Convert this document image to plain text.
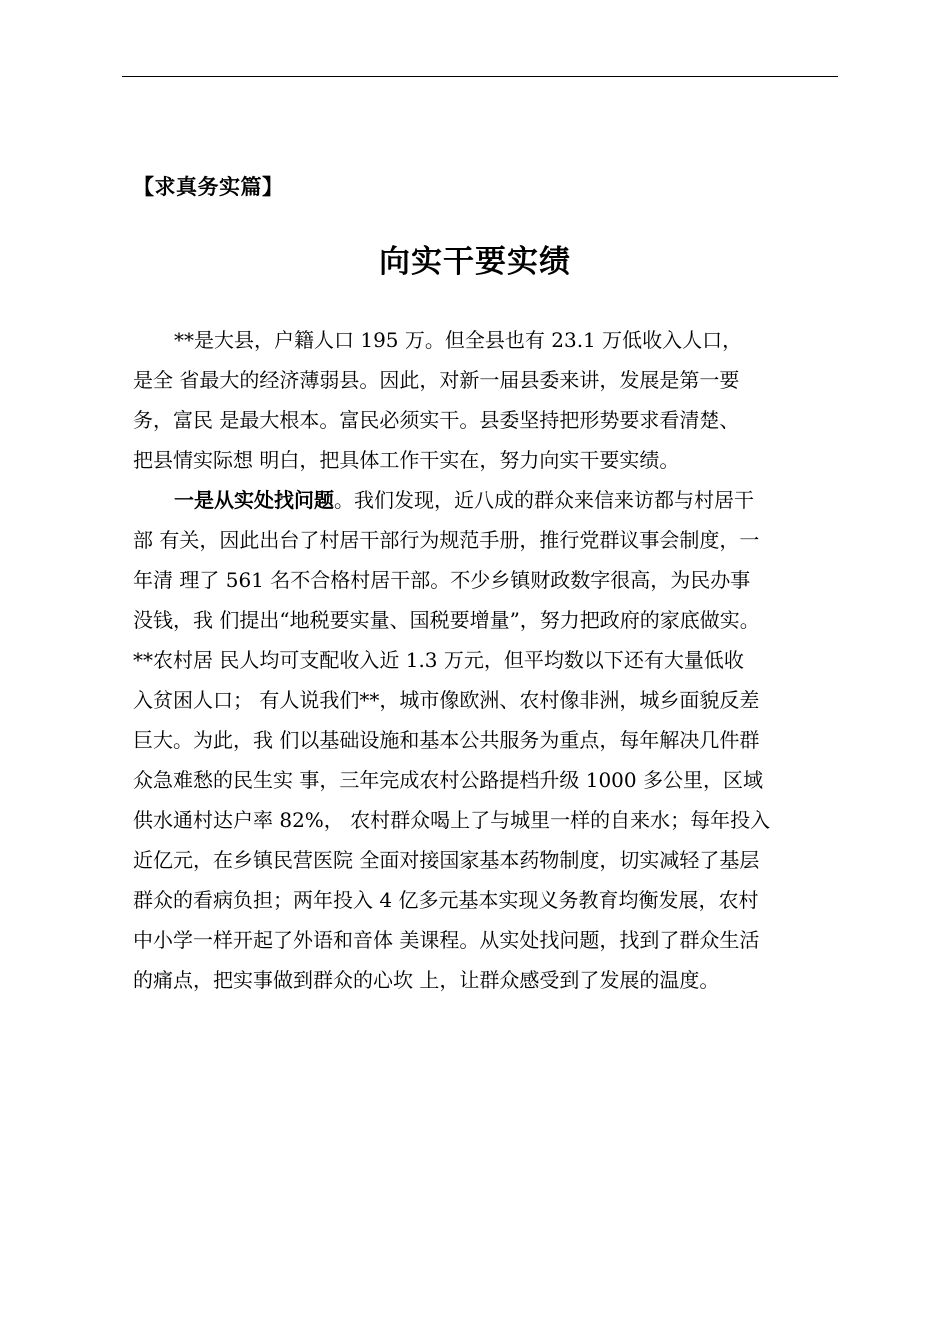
【求真务实篇】
向实干要实绩
**是大县，户籍人口 195 万。但全县也有 23.1 万低收入人口，
是全 省最大的经济薄弱县。因此，对新一届县委来讲，发展是第一要
务，富民 是最大根本。富民必须实干。县委坚持把形势要求看清楚、
把县情实际想 明白，把具体工作干实在，努力向实干要实绩。
一是从实处找问题。我们发现，近八成的群众来信来访都与村居干
部 有关，因此出台了村居干部行为规范手册，推行党群议事会制度，一
年清 理了 561 名不合格村居干部。不少乡镇财政数字很高，为民办事
没钱，我 们提出“地税要实量、国税要增量”，努力把政府的家底做实。
**农村居 民人均可支配收入近 1.3 万元，但平均数以下还有大量低收
入贫困人口； 有人说我们**，城市像欧洲、农村像非洲，城乡面貌反差
巨大。为此，我 们以基础设施和基本公共服务为重点，每年解决几件群
众急难愁的民生实 事，三年完成农村公路提档升级 1000 多公里，区域
供水通村达户率 82%， 农村群众喝上了与城里一样的自来水；每年投入
近亿元，在乡镇民营医院 全面对接国家基本药物制度，切实减轻了基层
群众的看病负担；两年投入 4 亿多元基本实现义务教育均衡发展，农村
中小学一样开起了外语和音体 美课程。从实处找问题，找到了群众生活
的痛点，把实事做到群众的心坎 上，让群众感受到了发展的温度。
